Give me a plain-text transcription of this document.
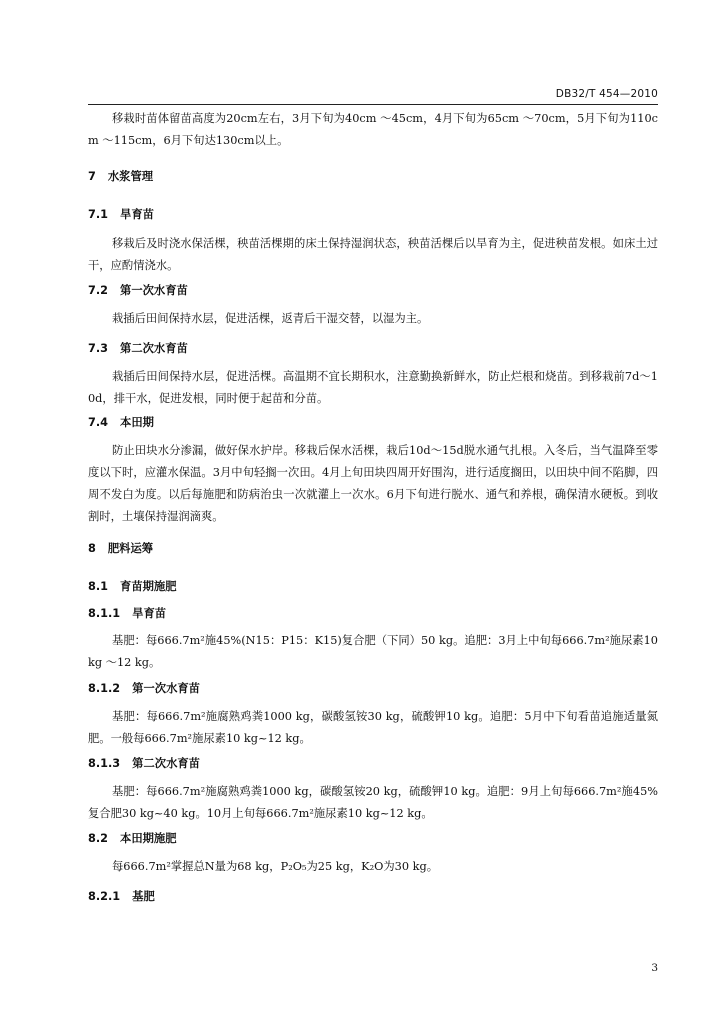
DB32/T 454—2010

移栽时苗体留苗高度为20cm左右，3月下旬为40cm ～45cm，4月下旬为65cm ～70cm，5月下旬为110cm ～115cm，6月下旬达130cm以上。

7 水浆管理
7.1 旱育苗

移栽后及时浇水保活棵，秧苗活棵期的床土保持湿润状态，秧苗活棵后以旱育为主，促进秧苗发根。如床土过干，应酌情浇水。

7.2 第一次水育苗

栽插后田间保持水层，促进活棵，返青后干湿交替，以湿为主。

7.3 第二次水育苗

栽插后田间保持水层，促进活棵。高温期不宜长期积水，注意勤换新鲜水，防止烂根和烧苗。到移栽前7d～10d，排干水，促进发根，同时便于起苗和分苗。

7.4 本田期

防止田块水分渗漏，做好保水护岸。移栽后保水活棵，栽后10d～15d脱水通气扎根。入冬后，当气温降至零度以下时，应灌水保温。3月中旬轻搁一次田。4月上旬田块四周开好围沟，进行适度搁田，以田块中间不陷脚，四周不发白为度。以后每施肥和防病治虫一次就灌上一次水。6月下旬进行脱水、通气和养根，确保清水硬板。到收割时，土壤保持湿润滴爽。

8 肥料运筹
8.1 育苗期施肥
8.1.1 旱育苗

基肥：每666.7m²施45%(N15：P15：K15)复合肥（下同）50 kg。追肥：3月上中旬每666.7m²施尿素10 kg ～12 kg。

8.1.2 第一次水育苗

基肥：每666.7m²施腐熟鸡粪1000 kg，碳酸氢铵30 kg，硫酸钾10 kg。追肥：5月中下旬看苗追施适量氮肥。一般每666.7m²施尿素10 kg~12 kg。

8.1.3 第二次水育苗

基肥：每666.7m²施腐熟鸡粪1000 kg，碳酸氢铵20 kg，硫酸钾10 kg。追肥：9月上旬每666.7m²施45%复合肥30 kg~40 kg。10月上旬每666.7m²施尿素10 kg~12 kg。

8.2 本田期施肥

每666.7m²掌握总N量为68 kg，P₂O₅为25 kg，K₂O为30 kg。

8.2.1 基肥
3
